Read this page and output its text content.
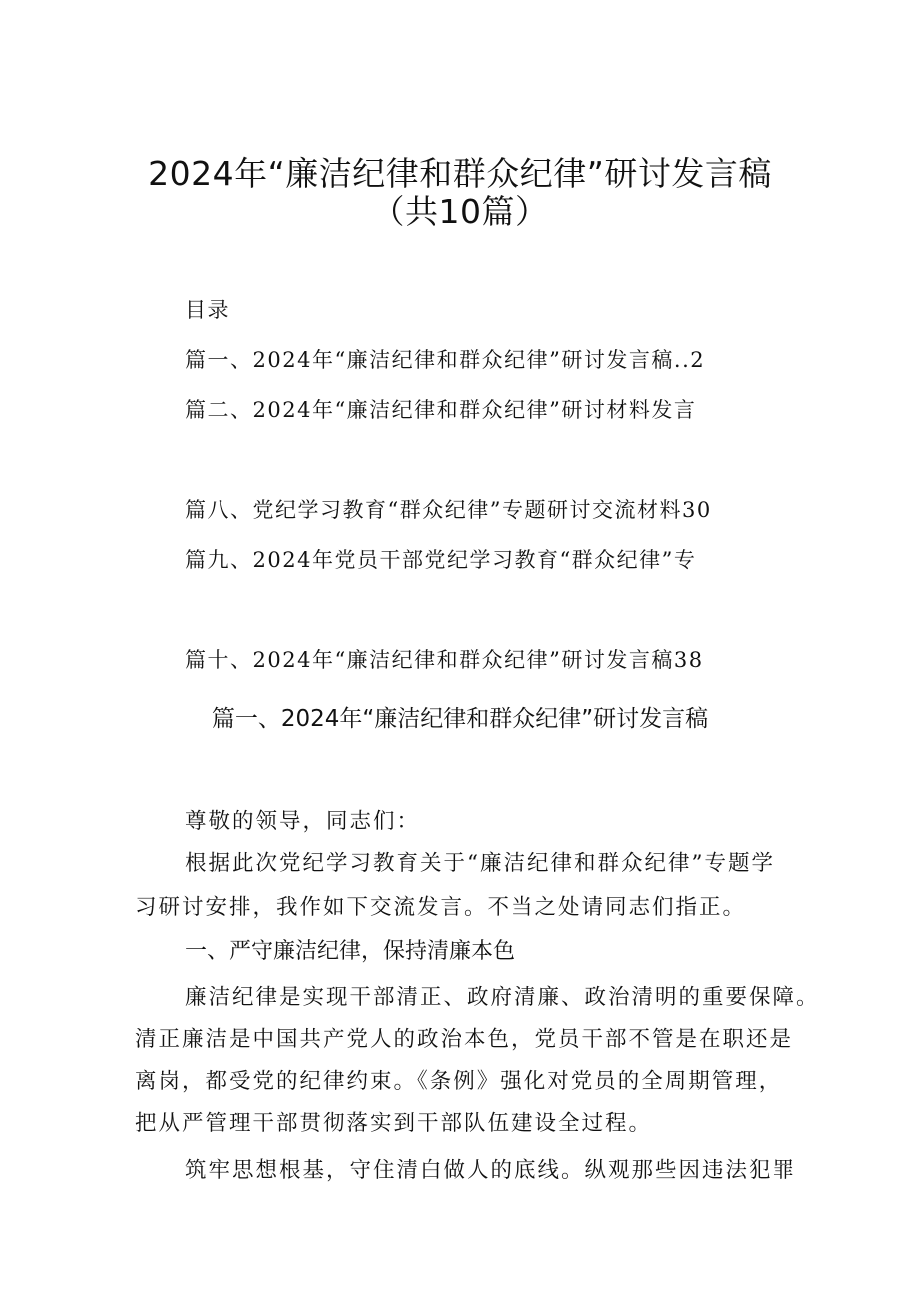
2024年“廉洁纪律和群众纪律”研讨发言稿
（共10篇）
目录
篇一、2024年“廉洁纪律和群众纪律”研讨发言稿..2
篇二、2024年“廉洁纪律和群众纪律”研讨材料发言
篇八、党纪学习教育“群众纪律”专题研讨交流材料30
篇九、2024年党员干部党纪学习教育“群众纪律”专
篇十、2024年“廉洁纪律和群众纪律”研讨发言稿38
篇一、2024年“廉洁纪律和群众纪律”研讨发言稿

尊敬的领导，同志们：

根据此次党纪学习教育关于“廉洁纪律和群众纪律”专题学

习研讨安排，我作如下交流发言。不当之处请同志们指正。

一、严守廉洁纪律，保持清廉本色

廉洁纪律是实现干部清正、政府清廉、政治清明的重要保障。

清正廉洁是中国共产党人的政治本色，党员干部不管是在职还是

离岗，都受党的纪律约束。《条例》强化对党员的全周期管理，

把从严管理干部贯彻落实到干部队伍建设全过程。

筑牢思想根基，守住清白做人的底线。纵观那些因违法犯罪
